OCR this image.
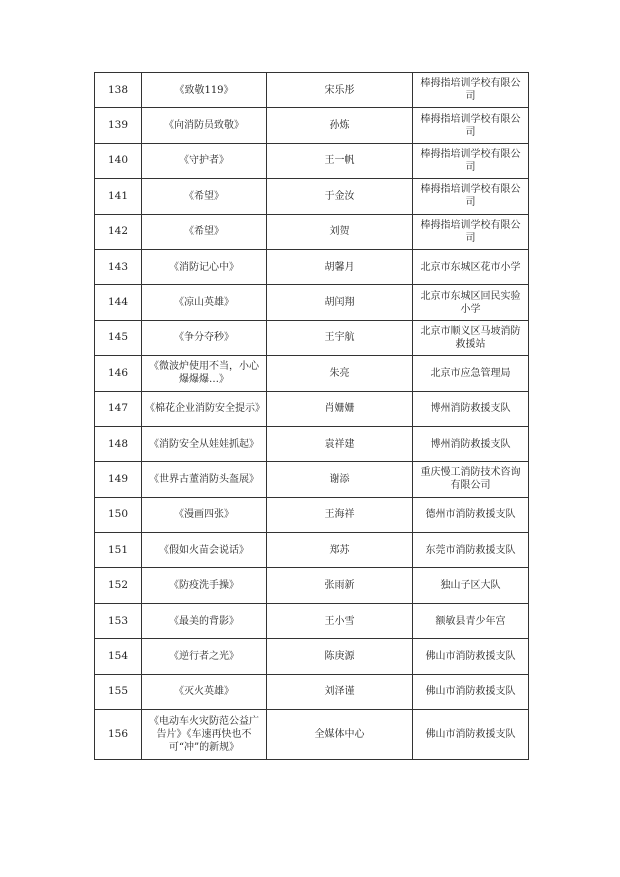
138	《致敬119》	宋乐彤	棒拇指培训学校有限公司
139	《向消防员致敬》	孙炼	棒拇指培训学校有限公司
140	《守护者》	王一帆	棒拇指培训学校有限公司
141	《希望》	于金汝	棒拇指培训学校有限公司
142	《希望》	刘贺	棒拇指培训学校有限公司
143	《消防记心中》	胡馨月	北京市东城区花市小学
144	《凉山英雄》	胡闰翔	北京市东城区回民实验小学
145	《争分夺秒》	王宇航	北京市顺义区马坡消防救援站
146	《微波炉使用不当，小心爆爆爆…》	朱亮	北京市应急管理局
147	《棉花企业消防安全提示》	肖姗姗	博州消防救援支队
148	《消防安全从娃娃抓起》	袁祥建	博州消防救援支队
149	《世界古董消防头盔展》	谢添	重庆慢工消防技术咨询有限公司
150	《漫画四张》	王海祥	德州市消防救援支队
151	《假如火苗会说话》	郑苏	东莞市消防救援支队
152	《防疫洗手操》	张雨新	独山子区大队
153	《最美的背影》	王小雪	额敏县青少年宫
154	《逆行者之光》	陈庚源	佛山市消防救援支队
155	《灭火英雄》	刘泽谨	佛山市消防救援支队
156	《电动车火灾防范公益广告片》《车速再快也不可“冲”的新规》	全媒体中心	佛山市消防救援支队
